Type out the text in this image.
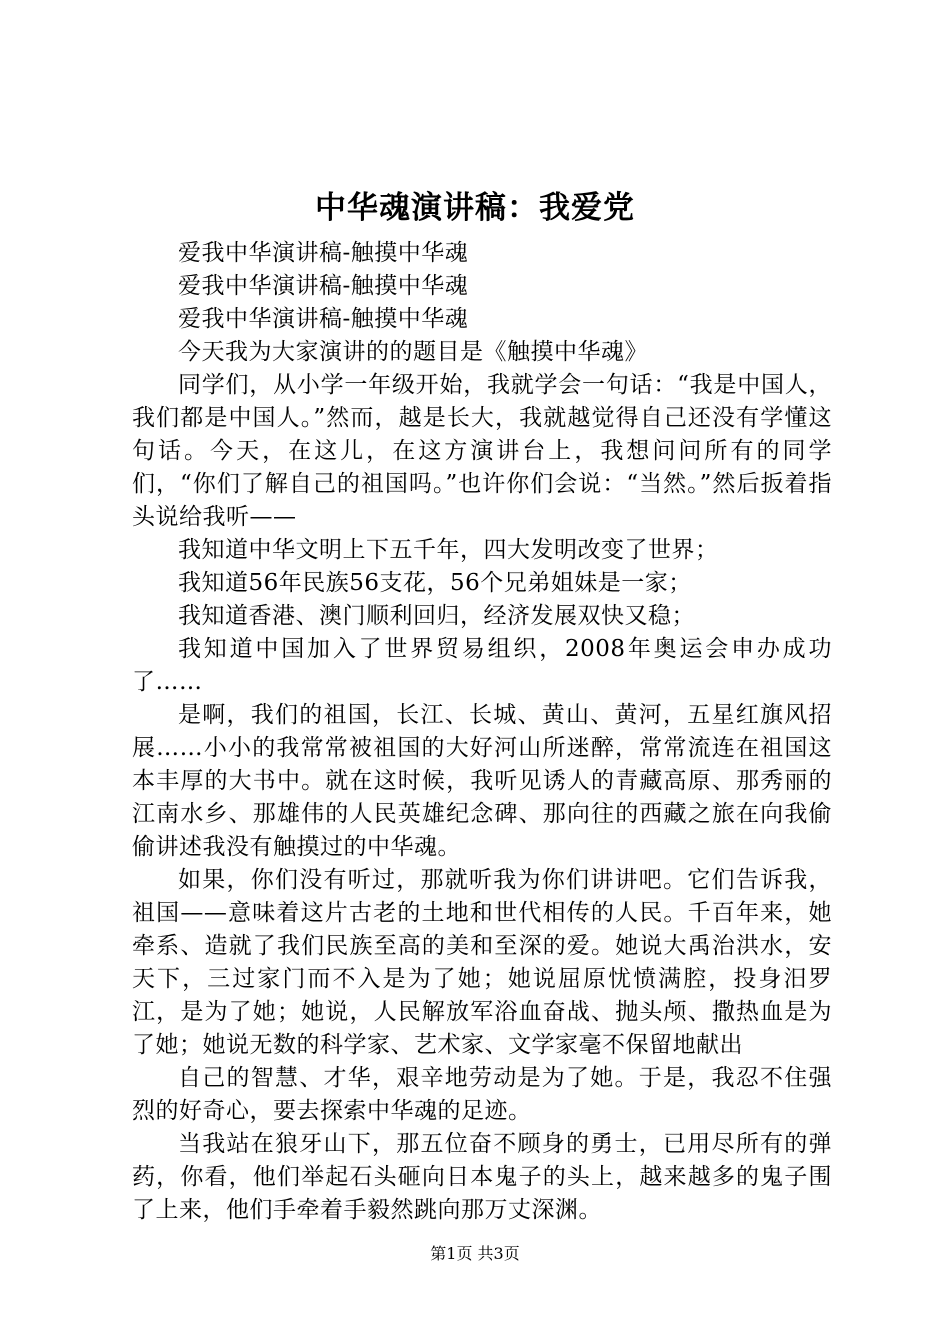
中华魂演讲稿：我爱党

爱我中华演讲稿-触摸中华魂

爱我中华演讲稿-触摸中华魂

爱我中华演讲稿-触摸中华魂

今天我为大家演讲的的题目是《触摸中华魂》

同学们，从小学一年级开始，我就学会一句话：“我是中国人，我们都是中国人。”然而，越是长大，我就越觉得自己还没有学懂这句话。今天，在这儿，在这方演讲台上，我想问问所有的同学们，“你们了解自己的祖国吗。”也许你们会说：“当然。”然后扳着指头说给我听——

我知道中华文明上下五千年，四大发明改变了世界；

我知道56年民族56支花，56个兄弟姐妹是一家；

我知道香港、澳门顺利回归，经济发展双快又稳；

我知道中国加入了世界贸易组织，2008年奥运会申办成功了……

是啊，我们的祖国，长江、长城、黄山、黄河，五星红旗风招展……小小的我常常被祖国的大好河山所迷醉，常常流连在祖国这本丰厚的大书中。就在这时候，我听见诱人的青藏高原、那秀丽的江南水乡、那雄伟的人民英雄纪念碑、那向往的西藏之旅在向我偷偷讲述我没有触摸过的中华魂。

如果，你们没有听过，那就听我为你们讲讲吧。它们告诉我，祖国——意味着这片古老的土地和世代相传的人民。千百年来，她牵系、造就了我们民族至高的美和至深的爱。她说大禹治洪水，安天下，三过家门而不入是为了她；她说屈原忧愤满腔，投身汨罗江，是为了她；她说，人民解放军浴血奋战、抛头颅、撒热血是为了她；她说无数的科学家、艺术家、文学家毫不保留地献出

自己的智慧、才华，艰辛地劳动是为了她。于是，我忍不住强烈的好奇心，要去探索中华魂的足迹。

当我站在狼牙山下，那五位奋不顾身的勇士，已用尽所有的弹药，你看，他们举起石头砸向日本鬼子的头上，越来越多的鬼子围了上来，他们手牵着手毅然跳向那万丈深渊。

第1页 共3页
